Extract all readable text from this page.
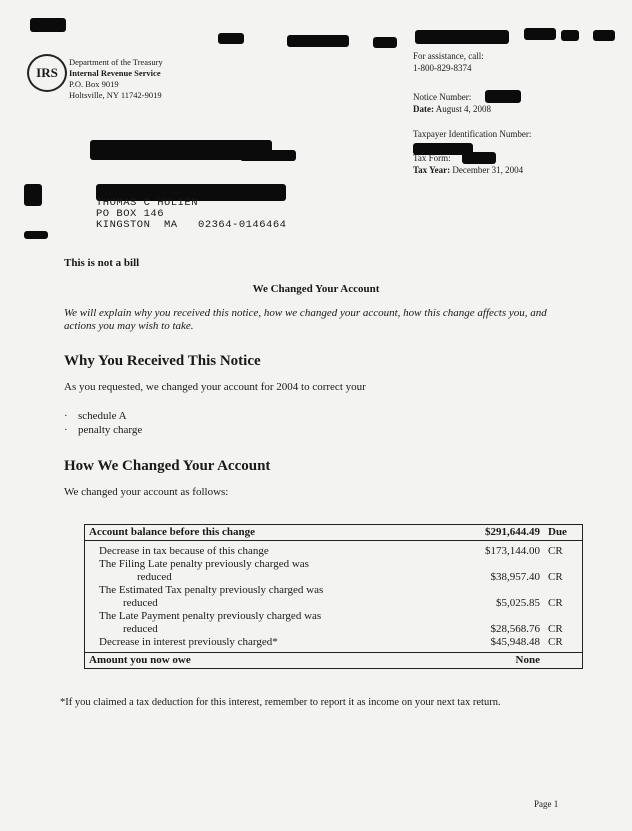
IRS
Department of the Treasury
Internal Revenue Service
P.O. Box 9019
Holtsville, NY 11742-9019
For assistance, call:
1-800-829-8374
Notice Number:
Date: August 4, 2008
Taxpayer Identification Number:
Tax Form:
Tax Year: December 31, 2004
THOMAS C HULIEN
PO BOX 146
KINGSTON  MA   02364-0146464
This is not a bill
We Changed Your Account
We will explain why you received this notice, how we changed your account, how this change affects you, and actions you may wish to take.
Why You Received This Notice
As you requested, we changed your account for 2004 to correct your
· schedule A
· penalty charge
How We Changed Your Account
We changed your account as follows:
Account balance before this change	$291,644.49	Due
Decrease in tax because of this change	$173,144.00	CR

The Filing Late penalty previously charged was
reduced	$38,957.40	CR

The Estimated Tax penalty previously charged was
reduced	$5,025.85	CR

The Late Payment penalty previously charged was
reduced	$28,568.76	CR
Decrease in interest previously charged*	$45,948.48	CR
Amount you now owe	None	
*If you claimed a tax deduction for this interest, remember to report it as income on your next tax return.
Page 1
